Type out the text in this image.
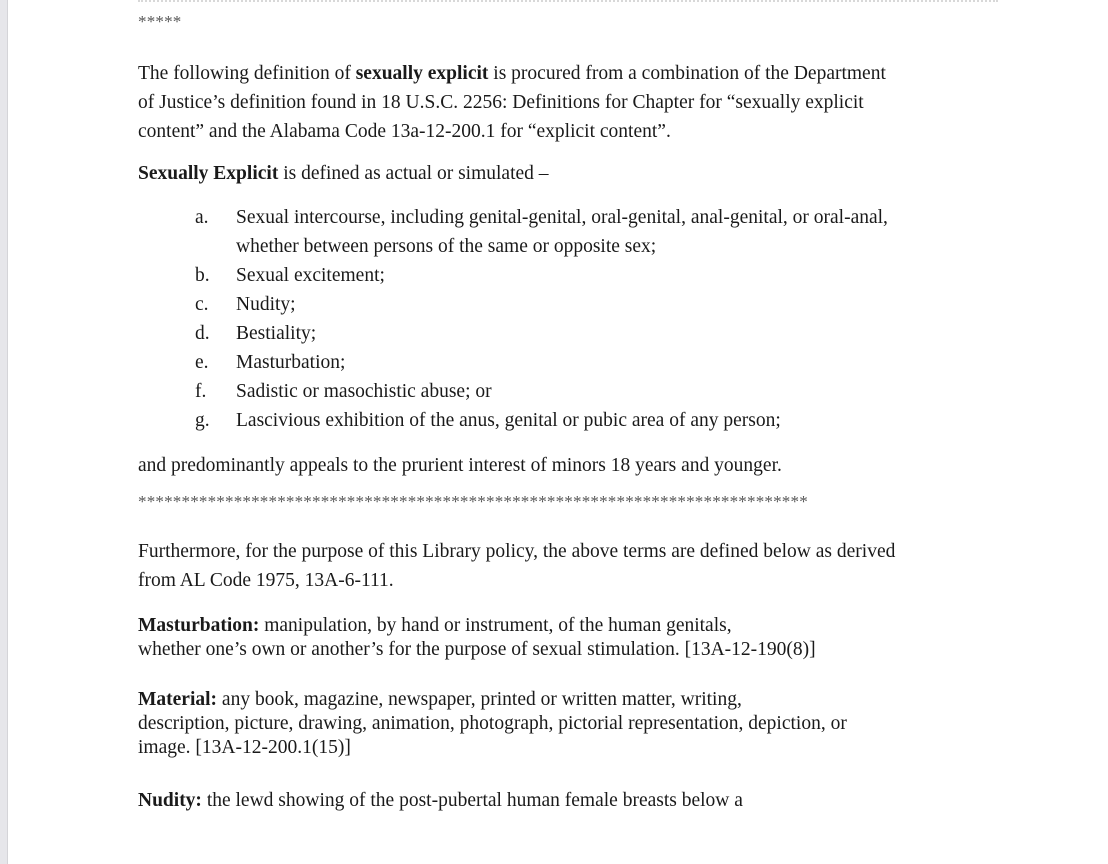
*****
The following definition of sexually explicit is procured from a combination of the Department
of Justice’s definition found in 18 U.S.C. 2256: Definitions for Chapter for “sexually explicit
content” and the Alabama Code 13a-12-200.1 for “explicit content”.
Sexually Explicit is defined as actual or simulated –
a. Sexual intercourse, including genital-genital, oral-genital, anal-genital, or oral-anal,
whether between persons of the same or opposite sex;
b. Sexual excitement;
c. Nudity;
d. Bestiality;
e. Masturbation;
f. Sadistic or masochistic abuse; or
g. Lascivious exhibition of the anus, genital or pubic area of any person;
and predominantly appeals to the prurient interest of minors 18 years and younger.
*****************************************************************************
Furthermore, for the purpose of this Library policy, the above terms are defined below as derived
from AL Code 1975, 13A-6-111.
Masturbation: manipulation, by hand or instrument, of the human genitals,
whether one’s own or another’s for the purpose of sexual stimulation. [13A-12-190(8)]
Material: any book, magazine, newspaper, printed or written matter, writing,
description, picture, drawing, animation, photograph, pictorial representation, depiction, or
image. [13A-12-200.1(15)]
Nudity: the lewd showing of the post-pubertal human female breasts below a
